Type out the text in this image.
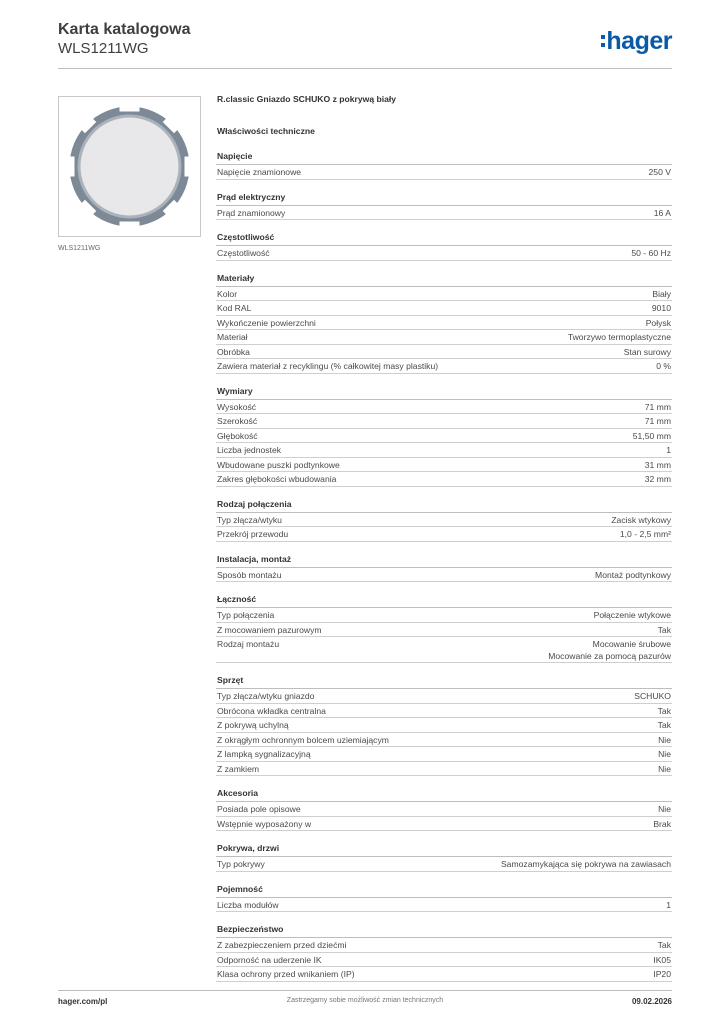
Karta katalogowa
WLS1211WG	hager
WLS1211WG
R.classic Gniazdo SCHUKO z pokrywą biały
Właściwości techniczne
Napięcie
Napięcie znamionowe	250 V
Prąd elektryczny
Prąd znamionowy	16 A
Częstotliwość
Częstotliwość	50 - 60 Hz
Materiały
Kolor	Biały
Kod RAL	9010
Wykończenie powierzchni	Połysk
Materiał	Tworzywo termoplastyczne
Obróbka	Stan surowy
Zawiera materiał z recyklingu (% całkowitej masy plastiku)	0 %
Wymiary
Wysokość	71 mm
Szerokość	71 mm
Głębokość	51,50 mm
Liczba jednostek	1
Wbudowane puszki podtynkowe	31 mm
Zakres głębokości wbudowania	32 mm
Rodzaj połączenia
Typ złącza/wtyku	Zacisk wtykowy
Przekrój przewodu	1,0 - 2,5 mm²
Instalacja, montaż
Sposób montażu	Montaż podtynkowy
Łączność
Typ połączenia	Połączenie wtykowe
Z mocowaniem pazurowym	Tak
Rodzaj montażu	Mocowanie śrubowe
Mocowanie za pomocą pazurów
Sprzęt
Typ złącza/wtyku gniazdo	SCHUKO
Obrócona wkładka centralna	Tak
Z pokrywą uchylną	Tak
Z okrągłym ochronnym bolcem uziemiającym	Nie
Z lampką sygnalizacyjną	Nie
Z zamkiem	Nie
Akcesoria
Posiada pole opisowe	Nie
Wstępnie wyposażony w	Brak
Pokrywa, drzwi
Typ pokrywy	Samozamykająca się pokrywa na zawiasach
Pojemność
Liczba modułów	1
Bezpieczeństwo
Z zabezpieczeniem przed dziećmi	Tak
Odporność na uderzenie IK	IK05
Klasa ochrony przed wnikaniem (IP)	IP20
hager.com/pl	Zastrzegamy sobie możliwość zmian technicznych	09.02.2026
